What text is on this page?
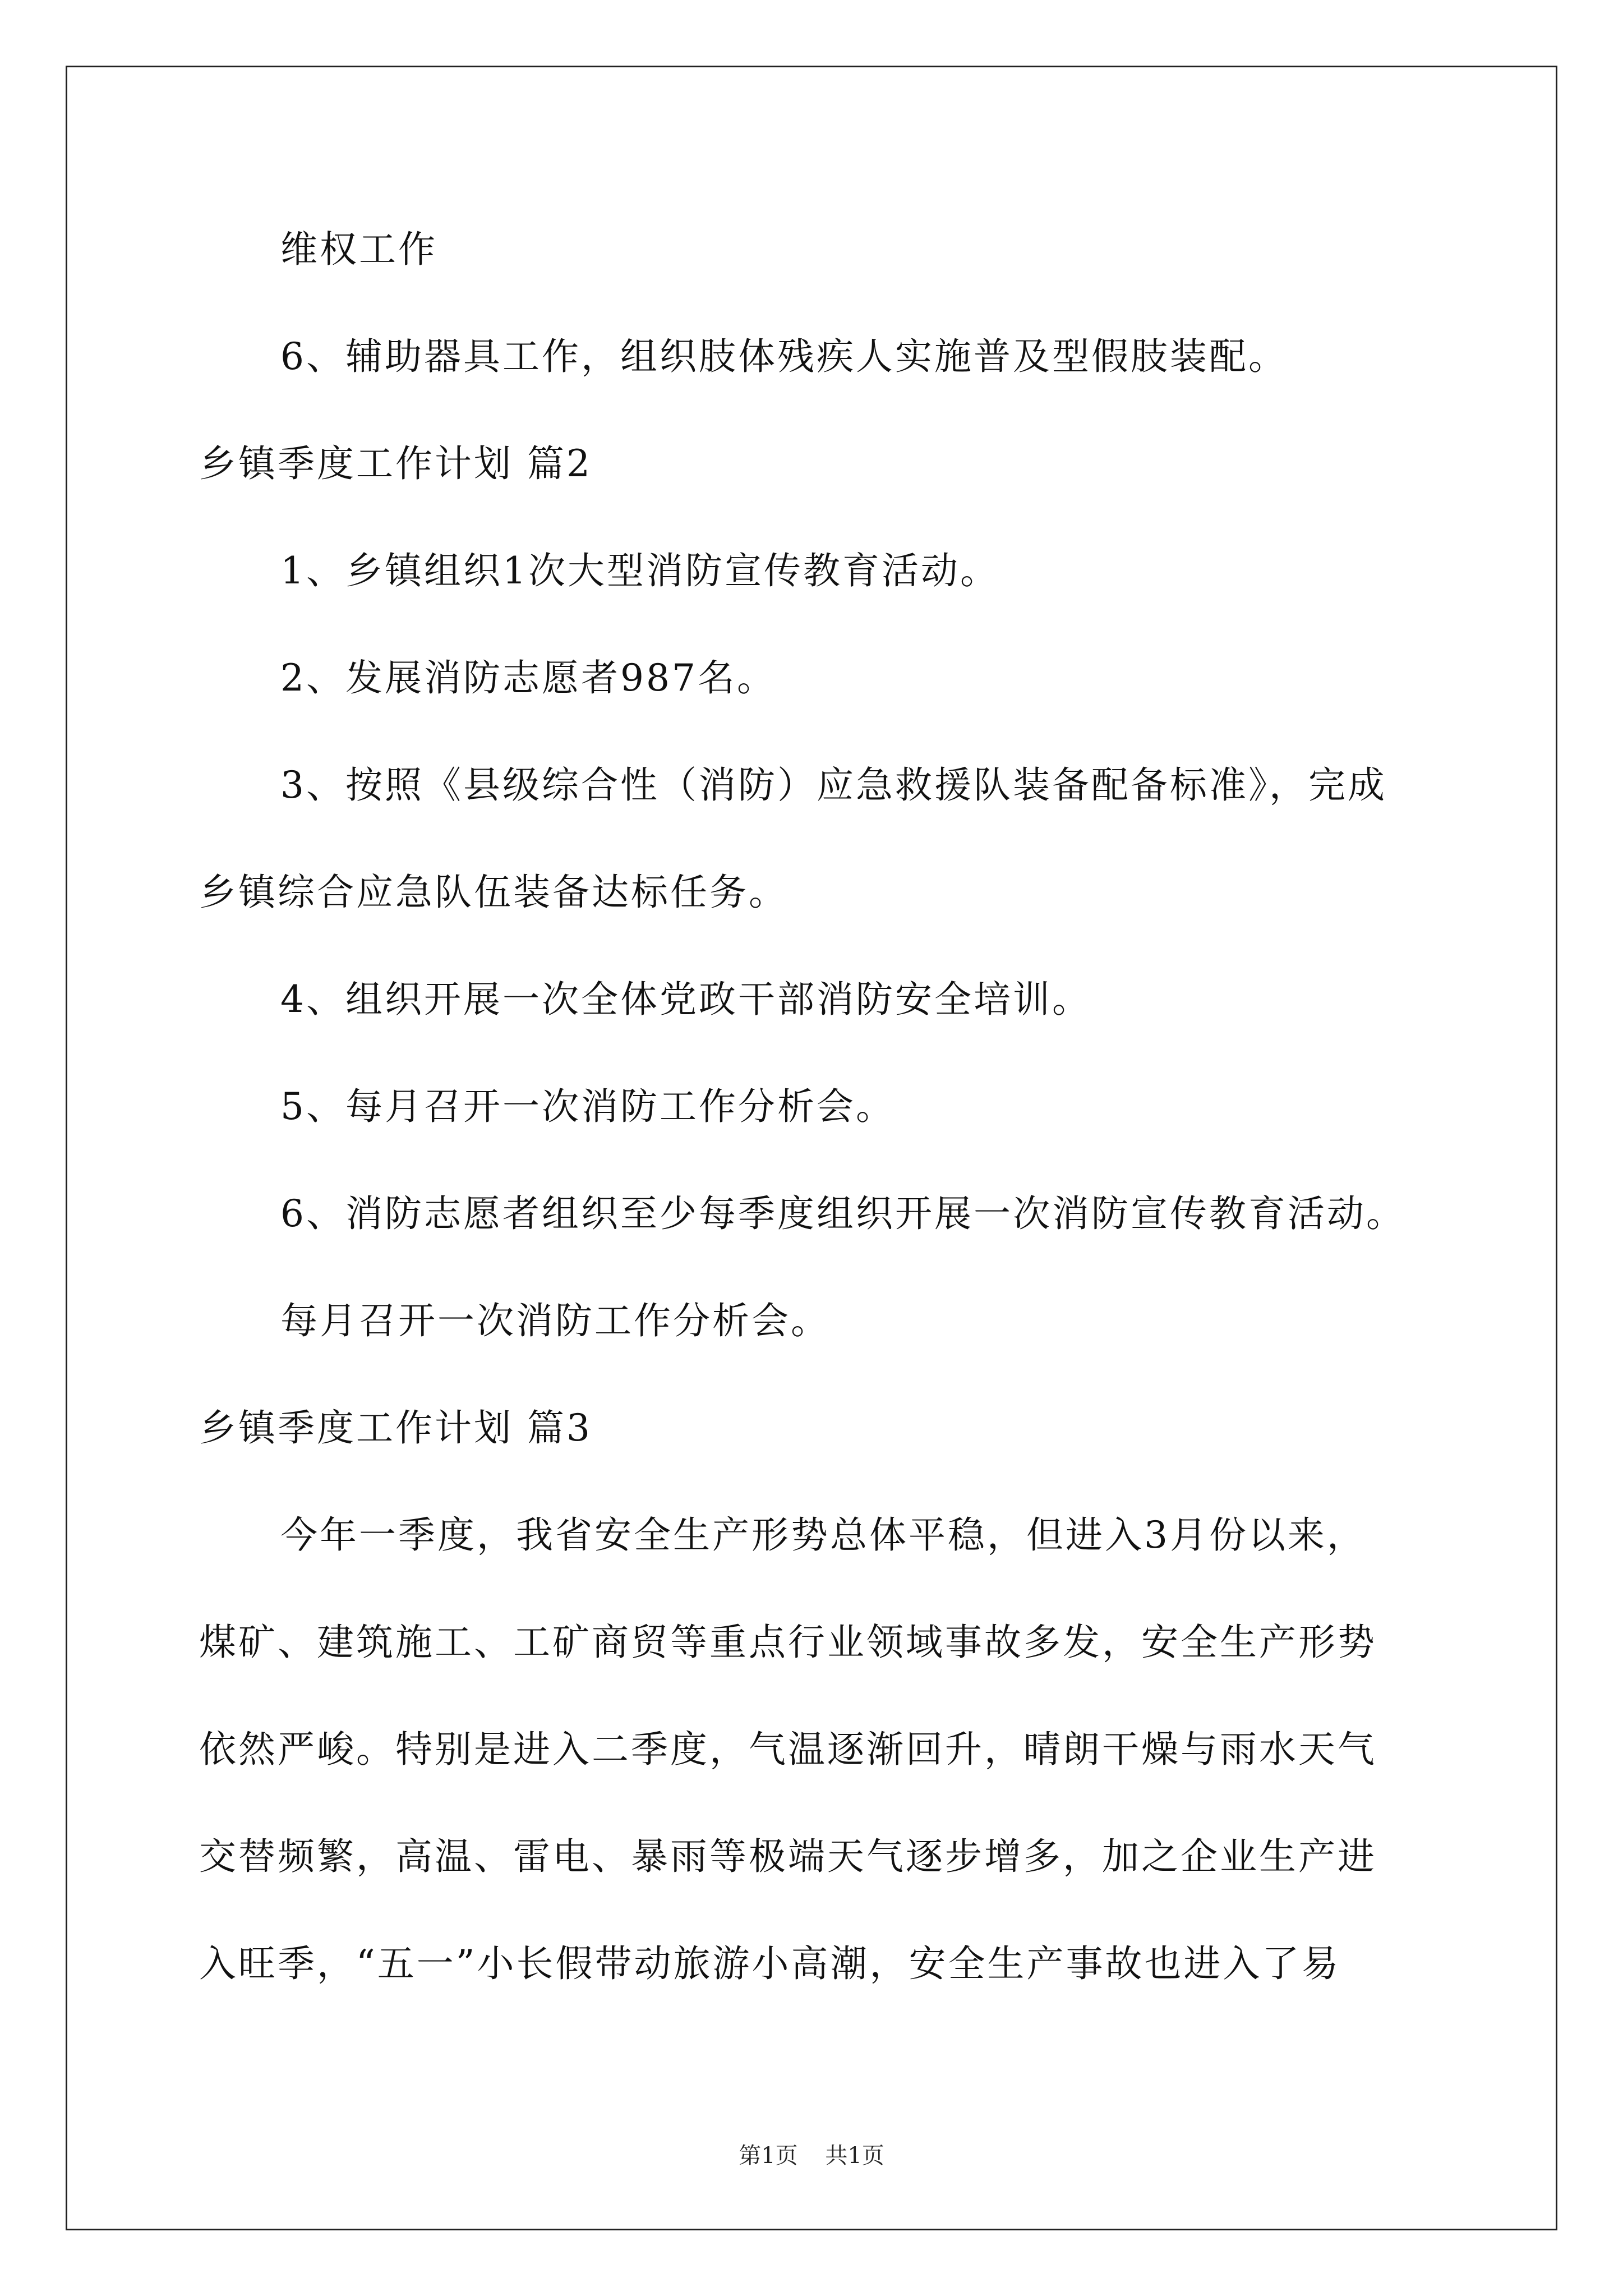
维权工作
6、辅助器具工作，组织肢体残疾人实施普及型假肢装配。
乡镇季度工作计划 篇2
1、乡镇组织1次大型消防宣传教育活动。
2、发展消防志愿者987名。
3、按照《县级综合性（消防）应急救援队装备配备标准》，完成
乡镇综合应急队伍装备达标任务。
4、组织开展一次全体党政干部消防安全培训。
5、每月召开一次消防工作分析会。
6、消防志愿者组织至少每季度组织开展一次消防宣传教育活动。
每月召开一次消防工作分析会。
乡镇季度工作计划 篇3
今年一季度，我省安全生产形势总体平稳，但进入3月份以来，
煤矿、建筑施工、工矿商贸等重点行业领域事故多发，安全生产形势
依然严峻。特别是进入二季度，气温逐渐回升，晴朗干燥与雨水天气
交替频繁，高温、雷电、暴雨等极端天气逐步增多，加之企业生产进
入旺季，“五一”小长假带动旅游小高潮，安全生产事故也进入了易
第1页 共1页
